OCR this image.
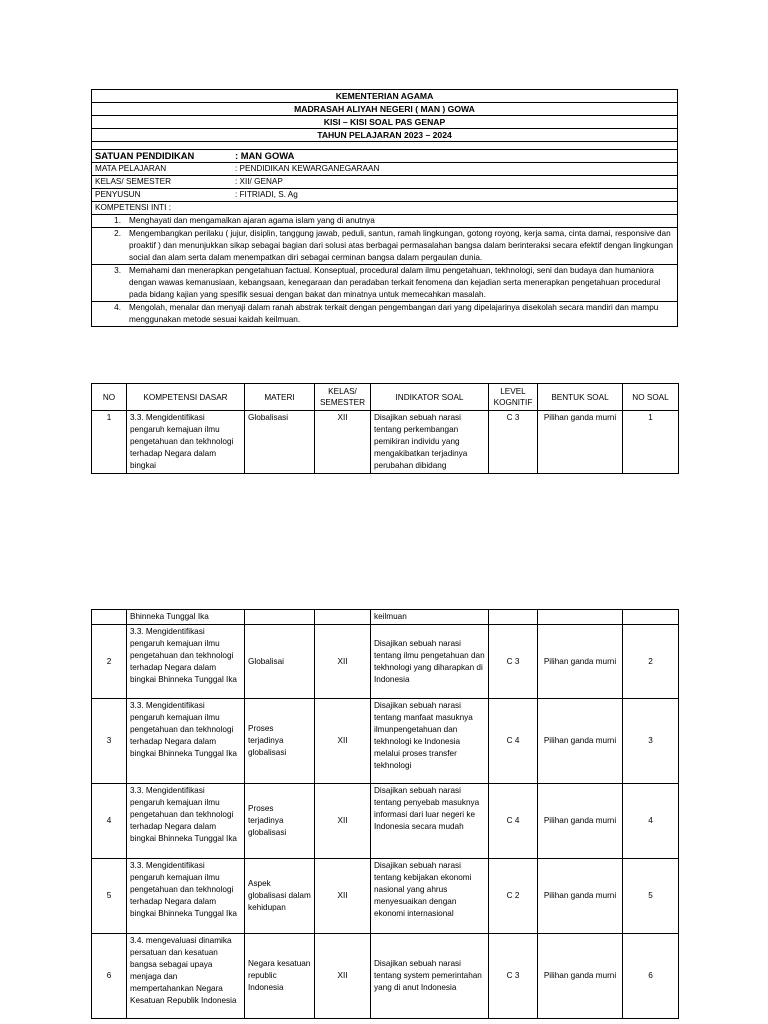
KEMENTERIAN AGAMA
MADRASAH ALIYAH NEGERI ( MAN ) GOWA
KISI – KISI SOAL PAS GENAP
TAHUN PELAJARAN 2023 – 2024

SATUAN PENDIDIKAN	: MAN GOWA
MATA PELAJARAN	: PENDIDIKAN KEWARGANEGARAAN
KELAS/ SEMESTER	: XII/ GENAP
PENYUSUN	: FITRIADI, S. Ag
KOMPETENSI INTI :

1. Menghayati dan mengamalkan ajaran agama islam yang di anutnya

2. Mengembangkan perilaku ( jujur, disiplin, tanggung jawab, peduli, santun, ramah lingkungan, gotong royong, kerja sama, cinta damai, responsive dan proaktif ) dan menunjukkan sikap sebagai bagian dari solusi atas berbagai permasalahan bangsa dalam berinteraksi secara efektif dengan lingkungan social dan alam serta dalam menempatkan diri sebagai cerminan bangsa dalam pergaulan dunia.

3. Memahami dan menerapkan pengetahuan factual. Konseptual, procedural dalam ilmu pengetahuan, tekhnologi, seni dan budaya dan humaniora dengan wawas kemanusiaan, kebangsaan, kenegaraan dan peradaban terkait fenomena dan kejadian serta menerapkan pengetahuan procedural pada bidang kajian yang spesifik sesuai dengan bakat dan minatnya untuk memecahkan masalah.

4. Mengolah, menalar dan menyaji dalam ranah abstrak terkait dengan pengembangan dari yang dipelajarinya disekolah secara mandiri dan mampu menggunakan metode sesuai kaidah keilmuan.
NO	KOMPETENSI DASAR	MATERI	KELAS/ SEMESTER	INDIKATOR SOAL	LEVEL KOGNITIF	BENTUK SOAL	NO SOAL
1	3.3. Mengidentifikasi pengaruh kemajuan ilmu pengetahuan dan tekhnologi terhadap Negara dalam bingkai	Globalisasi	XII	Disajikan sebuah narasi tentang perkembangan pemikiran individu yang mengakibatkan terjadinya perubahan dibidang	C 3	Pilihan ganda murni	1
	Bhinneka Tunggal Ika			keilmuan			
2	3.3. Mengidentifikasi pengaruh kemajuan ilmu pengetahuan dan tekhnologi terhadap Negara dalam bingkai Bhinneka Tunggal Ika	Globalisai	XII	Disajikan sebuah narasi tentang ilmu pengetahuan dan tekhnologi yang diharapkan di Indonesia	C 3	Pilihan ganda murni	2
3	3.3. Mengidentifikasi pengaruh kemajuan ilmu pengetahuan dan tekhnologi terhadap Negara dalam bingkai Bhinneka Tunggal Ika	Proses terjadinya globalisasi	XII	Disajikan sebuah narasi tentang manfaat masuknya ilmunpengetahuan dan tekhnologi ke Indonesia melalui proses transfer tekhnologi	C 4	Pilihan ganda murni	3
4	3.3. Mengidentifikasi pengaruh kemajuan ilmu pengetahuan dan tekhnologi terhadap Negara dalam bingkai Bhinneka Tunggal Ika	Proses terjadinya globalisasi	XII	Disajikan sebuah narasi tentang penyebab masuknya informasi dari luar negeri ke Indonesia secara mudah	C 4	Pilihan ganda murni	4
5	3.3. Mengidentifikasi pengaruh kemajuan ilmu pengetahuan dan tekhnologi terhadap Negara dalam bingkai Bhinneka Tunggal Ika	Aspek globalisasi dalam kehidupan	XII	Disajikan sebuah narasi tentang kebijakan ekonomi nasional yang ahrus menyesuaikan dengan ekonomi internasional	C 2	Pilihan ganda murni	5
6	3.4. mengevaluasi dinamika persatuan dan kesatuan bangsa sebagai upaya menjaga dan mempertahankan Negara Kesatuan Republik Indonesia	Negara kesatuan republic Indonesia	XII	Disajikan sebuah narasi tentang system pemerintahan yang di anut Indonesia	C 3	Pilihan ganda murni	6
